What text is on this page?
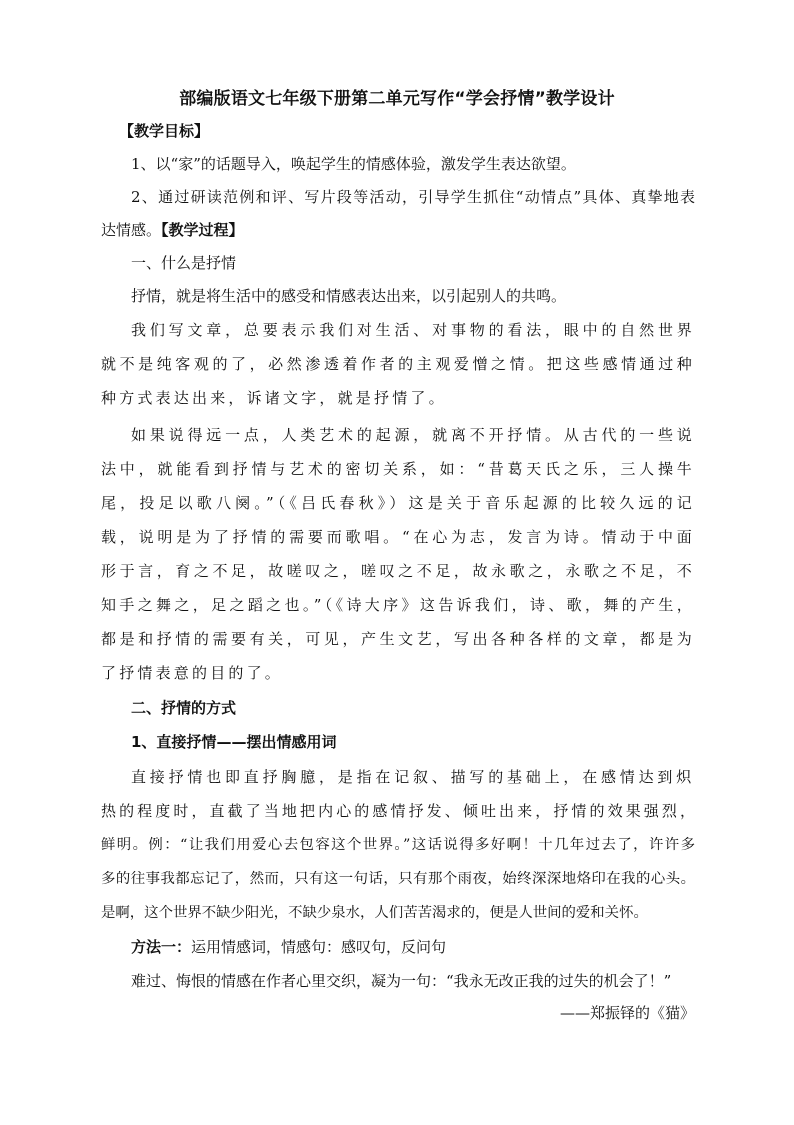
部编版语文七年级下册第二单元写作“学会抒情”教学设计
【教学目标】
1、以“家”的话题导入，唤起学生的情感体验，激发学生表达欲望。
2、通过研读范例和评、写片段等活动，引导学生抓住“动情点”具体、真挚地表
达情感。【教学过程】
一、什么是抒情
抒情，就是将生活中的感受和情感表达出来，以引起别人的共鸣。
我们写文章，总要表示我们对生活、对事物的看法，眼中的自然世界
就不是纯客观的了，必然渗透着作者的主观爱憎之情。把这些感情通过种
种方式表达出来，诉诸文字，就是抒情了。
如果说得远一点，人类艺术的起源，就离不开抒情。从古代的一些说
法中，就能看到抒情与艺术的密切关系，如：“昔葛天氏之乐，三人操牛
尾，投足以歌八阕。”（《吕氏春秋》）这是关于音乐起源的比较久远的记
载，说明是为了抒情的需要而歌唱。“在心为志，发言为诗。情动于中面
形于言，育之不足，故嗟叹之，嗟叹之不足，故永歌之，永歌之不足，不
知手之舞之，足之蹈之也。”（《诗大序》这告诉我们，诗、歌，舞的产生，
都是和抒情的需要有关，可见，产生文艺，写出各种各样的文章，都是为
了抒情表意的目的了。
二、抒情的方式
1、直接抒情——摆出情感用词
直接抒情也即直抒胸臆，是指在记叙、描写的基础上，在感情达到炽
热的程度时，直截了当地把内心的感情抒发、倾吐出来，抒情的效果强烈，
鲜明。例：“让我们用爱心去包容这个世界。”这话说得多好啊！十几年过去了，许许多
多的往事我都忘记了，然而，只有这一句话，只有那个雨夜，始终深深地烙印在我的心头。
是啊，这个世界不缺少阳光，不缺少泉水，人们苦苦渴求的，便是人世间的爱和关怀。
方法一：运用情感词，情感句：感叹句，反问句
难过、悔恨的情感在作者心里交织，凝为一句：“我永无改正我的过失的机会了！”
——郑振铎的《猫》
